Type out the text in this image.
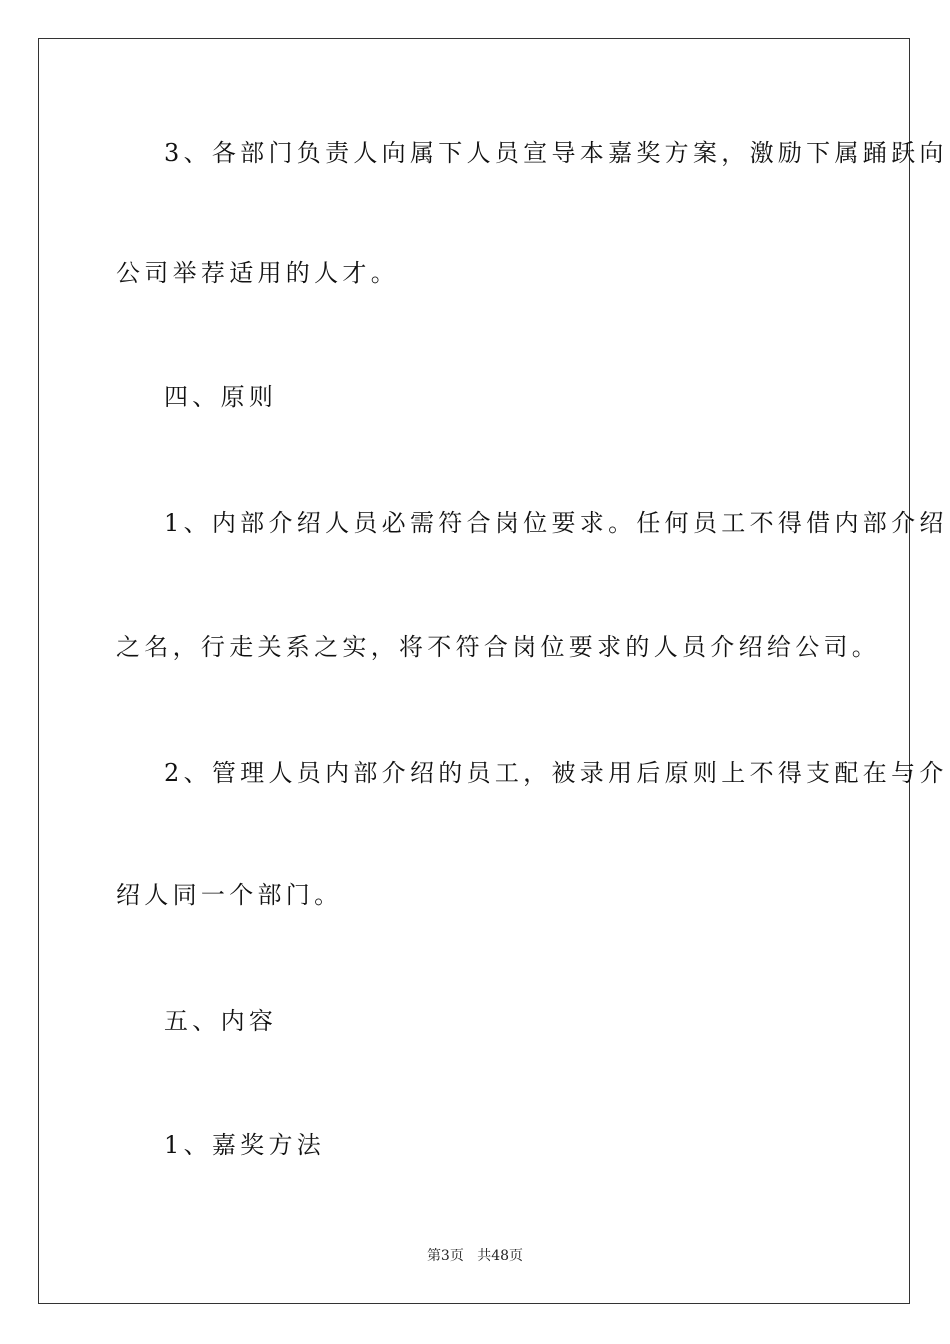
3、各部门负责人向属下人员宣导本嘉奖方案，激励下属踊跃向
公司举荐适用的人才。
四、原则
1、内部介绍人员必需符合岗位要求。任何员工不得借内部介绍
之名，行走关系之实，将不符合岗位要求的人员介绍给公司。
2、管理人员内部介绍的员工，被录用后原则上不得支配在与介
绍人同一个部门。
五、内容
1、嘉奖方法
第3页 共48页
